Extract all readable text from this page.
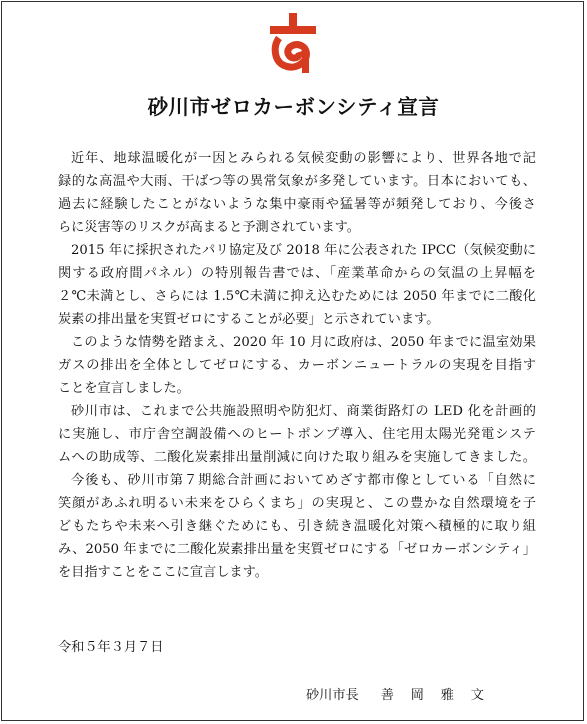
砂川市ゼロカーボンシティ宣言
近年、地球温暖化が一因とみられる気候変動の影響により、世界各地で記
録的な高温や大雨、干ばつ等の異常気象が多発しています。日本においても、
過去に経験したことがないような集中豪雨や猛暑等が頻発しており、今後さ
らに災害等のリスクが高まると予測されています。
2015 年に採択されたパリ協定及び 2018 年に公表された IPCC（気候変動に
関する政府間パネル）の特別報告書では、「産業革命からの気温の上昇幅を
２℃未満とし、さらには 1.5℃未満に抑え込むためには 2050 年までに二酸化
炭素の排出量を実質ゼロにすることが必要」と示されています。
このような情勢を踏まえ、2020 年 10 月に政府は、2050 年までに温室効果
ガスの排出を全体としてゼロにする、カーボンニュートラルの実現を目指す
ことを宣言しました。
砂川市は、これまで公共施設照明や防犯灯、商業街路灯の LED 化を計画的
に実施し、市庁舎空調設備へのヒートポンプ導入、住宅用太陽光発電システ
ムへの助成等、二酸化炭素排出量削減に向けた取り組みを実施してきました。
今後も、砂川市第７期総合計画においてめざす都市像としている「自然に
笑顔があふれ明るい未来をひらくまち」の実現と、この豊かな自然環境を子
どもたちや未来へ引き継ぐためにも、引き続き温暖化対策へ積極的に取り組
み、2050 年までに二酸化炭素排出量を実質ゼロにする「ゼロカーボンシティ」
を目指すことをここに宣言します。
令和５年３月７日
砂川市長 善 岡 雅 文
